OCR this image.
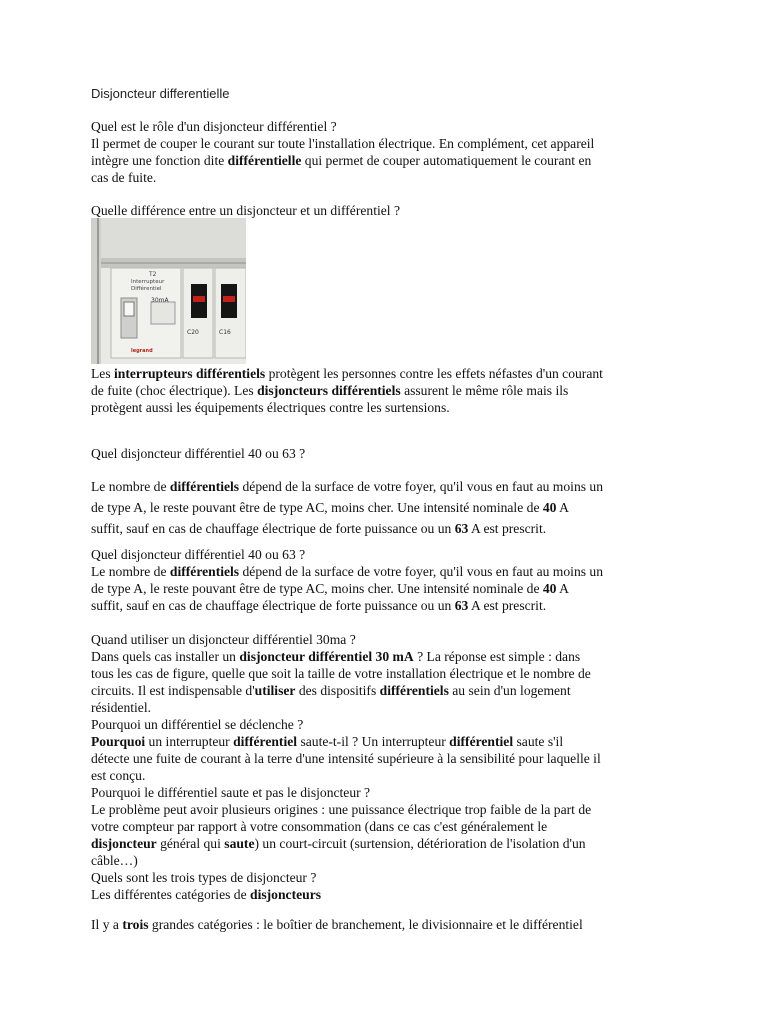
Disjoncteur differentielle
Quel est le rôle d'un disjoncteur différentiel ?
Il permet de couper le courant sur toute l'installation électrique. En complément, cet appareil
intègre une fonction dite différentielle qui permet de couper automatiquement le courant en
cas de fuite.
Quelle différence entre un disjoncteur et un différentiel ?
T2
Interrupteur
Différentiel
30mA
C20	C16
legrand
Les interrupteurs différentiels protègent les personnes contre les effets néfastes d'un courant
de fuite (choc électrique). Les disjoncteurs différentiels assurent le même rôle mais ils
protègent aussi les équipements électriques contre les surtensions.
Quel disjoncteur différentiel 40 ou 63 ?
Le nombre de différentiels dépend de la surface de votre foyer, qu'il vous en faut au moins un
de type A, le reste pouvant être de type AC, moins cher. Une intensité nominale de 40 A
suffit, sauf en cas de chauffage électrique de forte puissance ou un 63 A est prescrit.
Quel disjoncteur différentiel 40 ou 63 ?
Le nombre de différentiels dépend de la surface de votre foyer, qu'il vous en faut au moins un
de type A, le reste pouvant être de type AC, moins cher. Une intensité nominale de 40 A
suffit, sauf en cas de chauffage électrique de forte puissance ou un 63 A est prescrit.
Quand utiliser un disjoncteur différentiel 30ma ?
Dans quels cas installer un disjoncteur différentiel 30 mA ? La réponse est simple : dans
tous les cas de figure, quelle que soit la taille de votre installation électrique et le nombre de
circuits. Il est indispensable d'utiliser des dispositifs différentiels au sein d'un logement
résidentiel.
Pourquoi un différentiel se déclenche ?
Pourquoi un interrupteur différentiel saute-t-il ? Un interrupteur différentiel saute s'il
détecte une fuite de courant à la terre d'une intensité supérieure à la sensibilité pour laquelle il
est conçu.
Pourquoi le différentiel saute et pas le disjoncteur ?
Le problème peut avoir plusieurs origines : une puissance électrique trop faible de la part de
votre compteur par rapport à votre consommation (dans ce cas c'est généralement le
disjoncteur général qui saute) un court-circuit (surtension, détérioration de l'isolation d'un
câble…)
Quels sont les trois types de disjoncteur ?
Les différentes catégories de disjoncteurs
Il y a trois grandes catégories : le boîtier de branchement, le divisionnaire et le différentiel
